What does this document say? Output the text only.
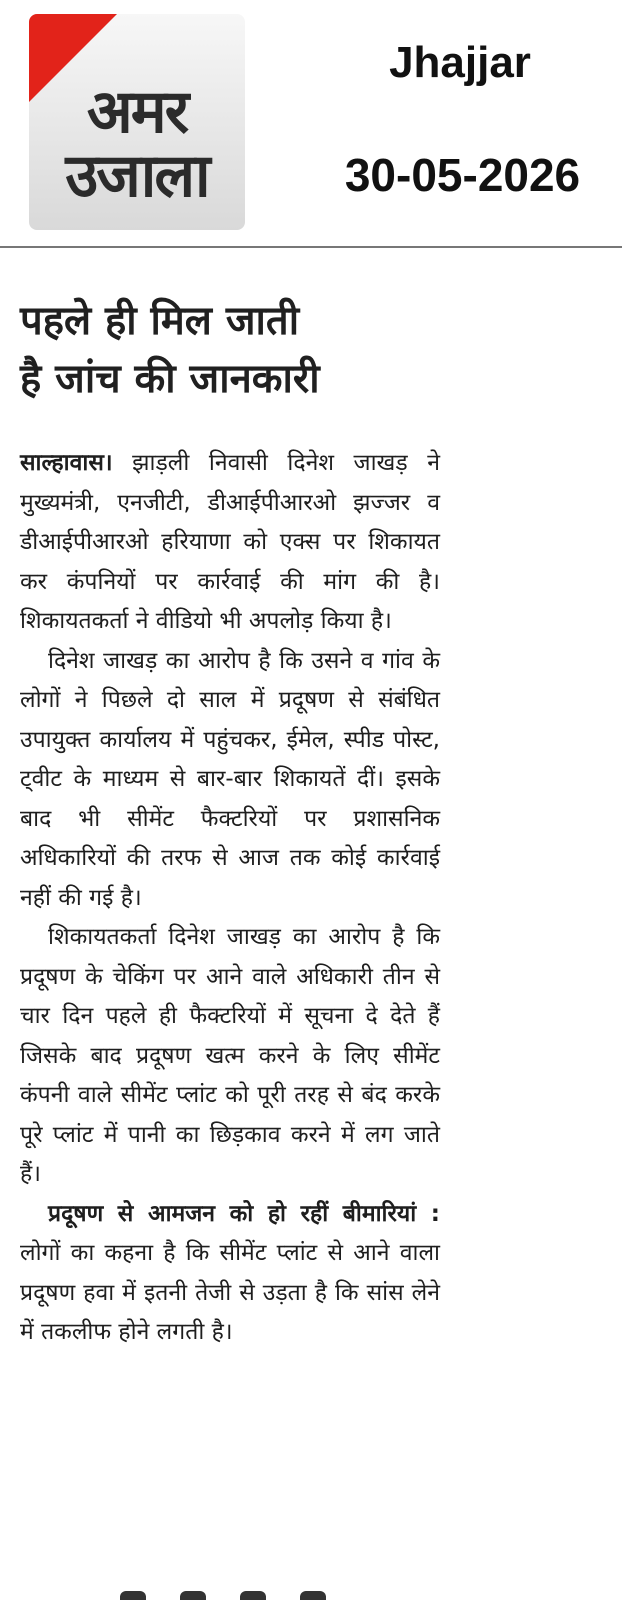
अमर
उजाला
Jhajjar
30-05-2026
पहले ही मिल जाती
है जांच की जानकारी

साल्हावास। झाड़ली निवासी दिनेश जाखड़ ने मुख्यमंत्री, एनजीटी, डीआईपीआरओ झज्जर व डीआईपीआरओ हरियाणा को एक्स पर शिकायत कर कंपनियों पर कार्रवाई की मांग की है। शिकायतकर्ता ने वीडियो भी अपलोड़ किया है।

दिनेश जाखड़ का आरोप है कि उसने व गांव के लोगों ने पिछले दो साल में प्रदूषण से संबंधित उपायुक्त कार्यालय में पहुंचकर, ईमेल, स्पीड पोस्ट, ट्वीट के माध्यम से बार-बार शिकायतें दीं। इसके बाद भी सीमेंट फैक्टरियों पर प्रशासनिक अधिकारियों की तरफ से आज तक कोई कार्रवाई नहीं की गई है।

शिकायतकर्ता दिनेश जाखड़ का आरोप है कि प्रदूषण के चेकिंग पर आने वाले अधिकारी तीन से चार दिन पहले ही फैक्टरियों में सूचना दे देते हैं जिसके बाद प्रदूषण खत्म करने के लिए सीमेंट कंपनी वाले सीमेंट प्लांट को पूरी तरह से बंद करके पूरे प्लांट में पानी का छिड़काव करने में लग जाते हैं।

प्रदूषण से आमजन को हो रहीं बीमारियां : लोगों का कहना है कि सीमेंट प्लांट से आने वाला प्रदूषण हवा में इतनी तेजी से उड़ता है कि सांस लेने में तकलीफ होने लगती है।
